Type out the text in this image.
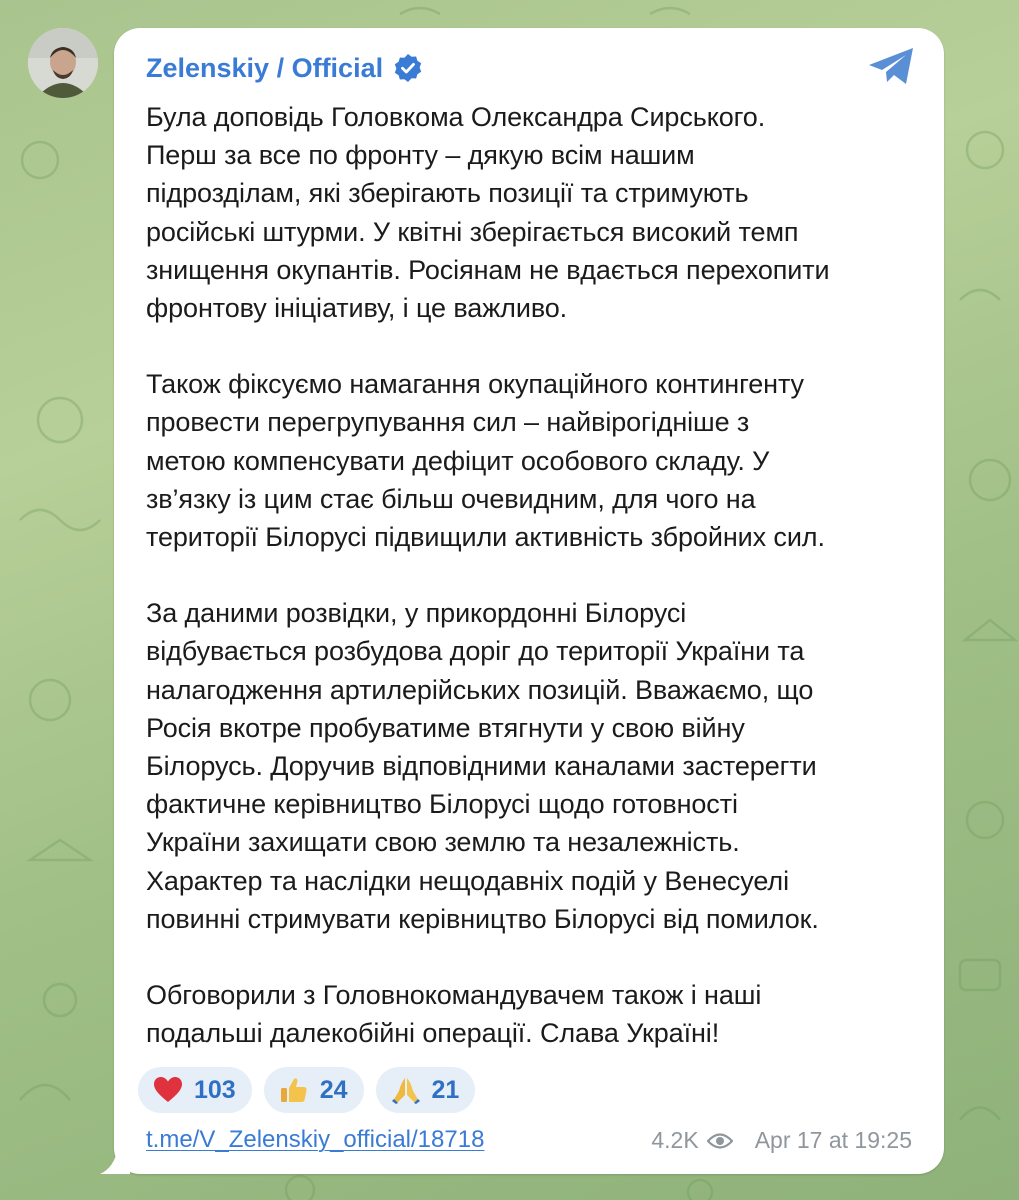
Zelenskiy / Official

Була доповідь Головкома Олександра Сирського.
Перш за все по фронту – дякую всім нашим
підрозділам, які зберігають позиції та стримують
російські штурми. У квітні зберігається високий темп
знищення окупантів. Росіянам не вдається перехопити
фронтову ініціативу, і це важливо.

Також фіксуємо намагання окупаційного контингенту
провести перегрупування сил – найвірогідніше з
метою компенсувати дефіцит особового складу. У
зв’язку із цим стає більш очевидним, для чого на
території Білорусі підвищили активність збройних сил.

За даними розвідки, у прикордонні Білорусі
відбувається розбудова доріг до території України та
налагодження артилерійських позицій. Вважаємо, що
Росія вкотре пробуватиме втягнути у свою війну
Білорусь. Доручив відповідними каналами застерегти
фактичне керівництво Білорусі щодо готовності
України захищати свою землю та незалежність.
Характер та наслідки нещодавніх подій у Венесуелі
повинні стримувати керівництво Білорусі від помилок.

Обговорили з Головнокомандувачем також і наші
подальші далекобійні операції. Слава Україні!

103	24	21
t.me/V_Zelenskiy_official/18718	4.2K Apr 17 at 19:25
